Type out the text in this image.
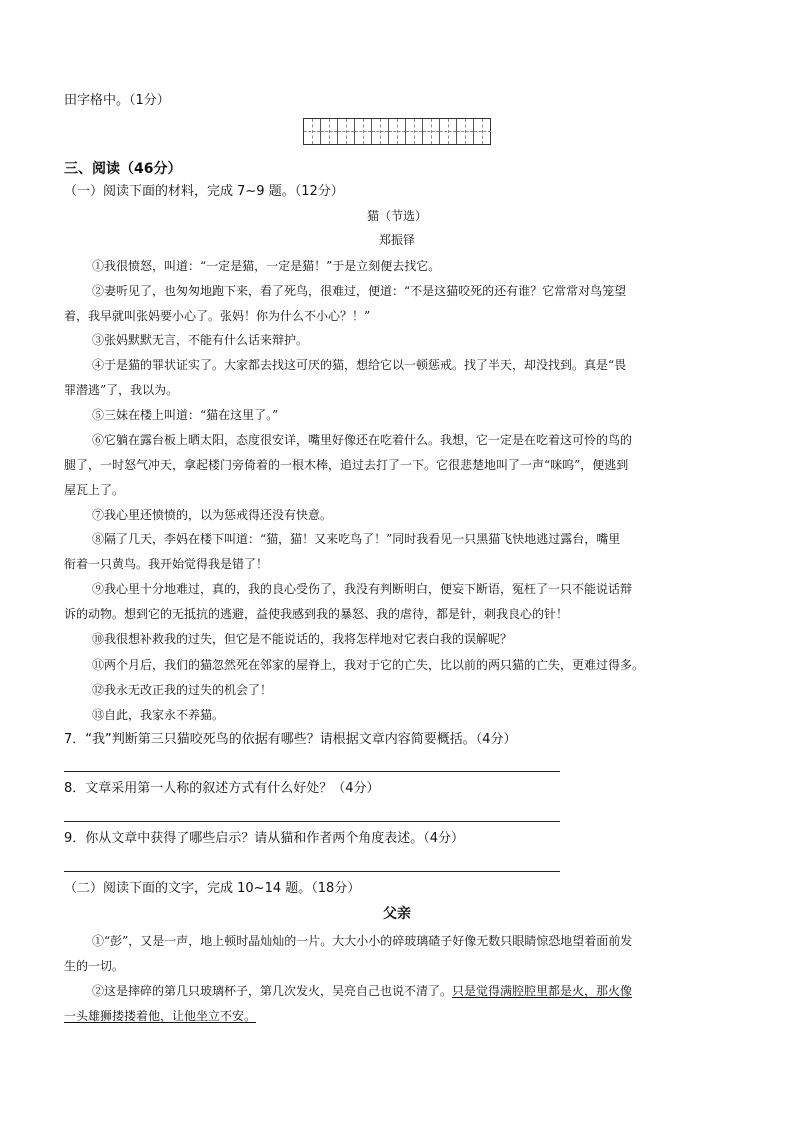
田字格中。（1分）
三、阅读（46分）
（一）阅读下面的材料，完成 7~9 题。（12分）
猫（节选）
郑振铎
①我很愤怒，叫道：“一定是猫，一定是猫！”于是立刻便去找它。
②妻听见了，也匆匆地跑下来，看了死鸟，很难过，便道：“不是这猫咬死的还有谁？它常常对鸟笼望
着，我早就叫张妈要小心了。张妈！你为什么不小心？！”
③张妈默默无言，不能有什么话来辩护。
④于是猫的罪状证实了。大家都去找这可厌的猫，想给它以一顿惩戒。找了半天，却没找到。真是“畏
罪潜逃”了，我以为。
⑤三妹在楼上叫道：“猫在这里了。”
⑥它躺在露台板上晒太阳，态度很安详，嘴里好像还在吃着什么。我想，它一定是在吃着这可怜的鸟的
腿了，一时怒气冲天，拿起楼门旁倚着的一根木棒，追过去打了一下。它很悲楚地叫了一声“咪呜”，便逃到
屋瓦上了。
⑦我心里还愤愤的，以为惩戒得还没有快意。
⑧隔了几天，李妈在楼下叫道：“猫，猫！又来吃鸟了！”同时我看见一只黑猫飞快地逃过露台，嘴里
衔着一只黄鸟。我开始觉得我是错了！
⑨我心里十分地难过，真的，我的良心受伤了，我没有判断明白，便妄下断语，冤枉了一只不能说话辩
诉的动物。想到它的无抵抗的逃避，益使我感到我的暴怒、我的虐待，都是针，刺我良心的针！
⑩我很想补救我的过失，但它是不能说话的，我将怎样地对它表白我的误解呢？
⑪两个月后，我们的猫忽然死在邻家的屋脊上，我对于它的亡失，比以前的两只猫的亡失，更难过得多。
⑫我永无改正我的过失的机会了！
⑬自此，我家永不养猫。
7．“我”判断第三只猫咬死鸟的依据有哪些？请根据文章内容简要概括。（4分）
8．文章采用第一人称的叙述方式有什么好处？（4分）
9．你从文章中获得了哪些启示？请从猫和作者两个角度表述。（4分）
（二）阅读下面的文字，完成 10~14 题。（18分）
父亲
①“彭”，又是一声，地上顿时晶灿灿的一片。大大小小的碎玻璃碴子好像无数只眼睛惊恐地望着面前发
生的一切。
②这是摔碎的第几只玻璃杯子，第几次发火，吴亮自己也说不清了。只是觉得满腔腔里都是火，那火像
一头雄狮搂搂着他，让他坐立不安。
